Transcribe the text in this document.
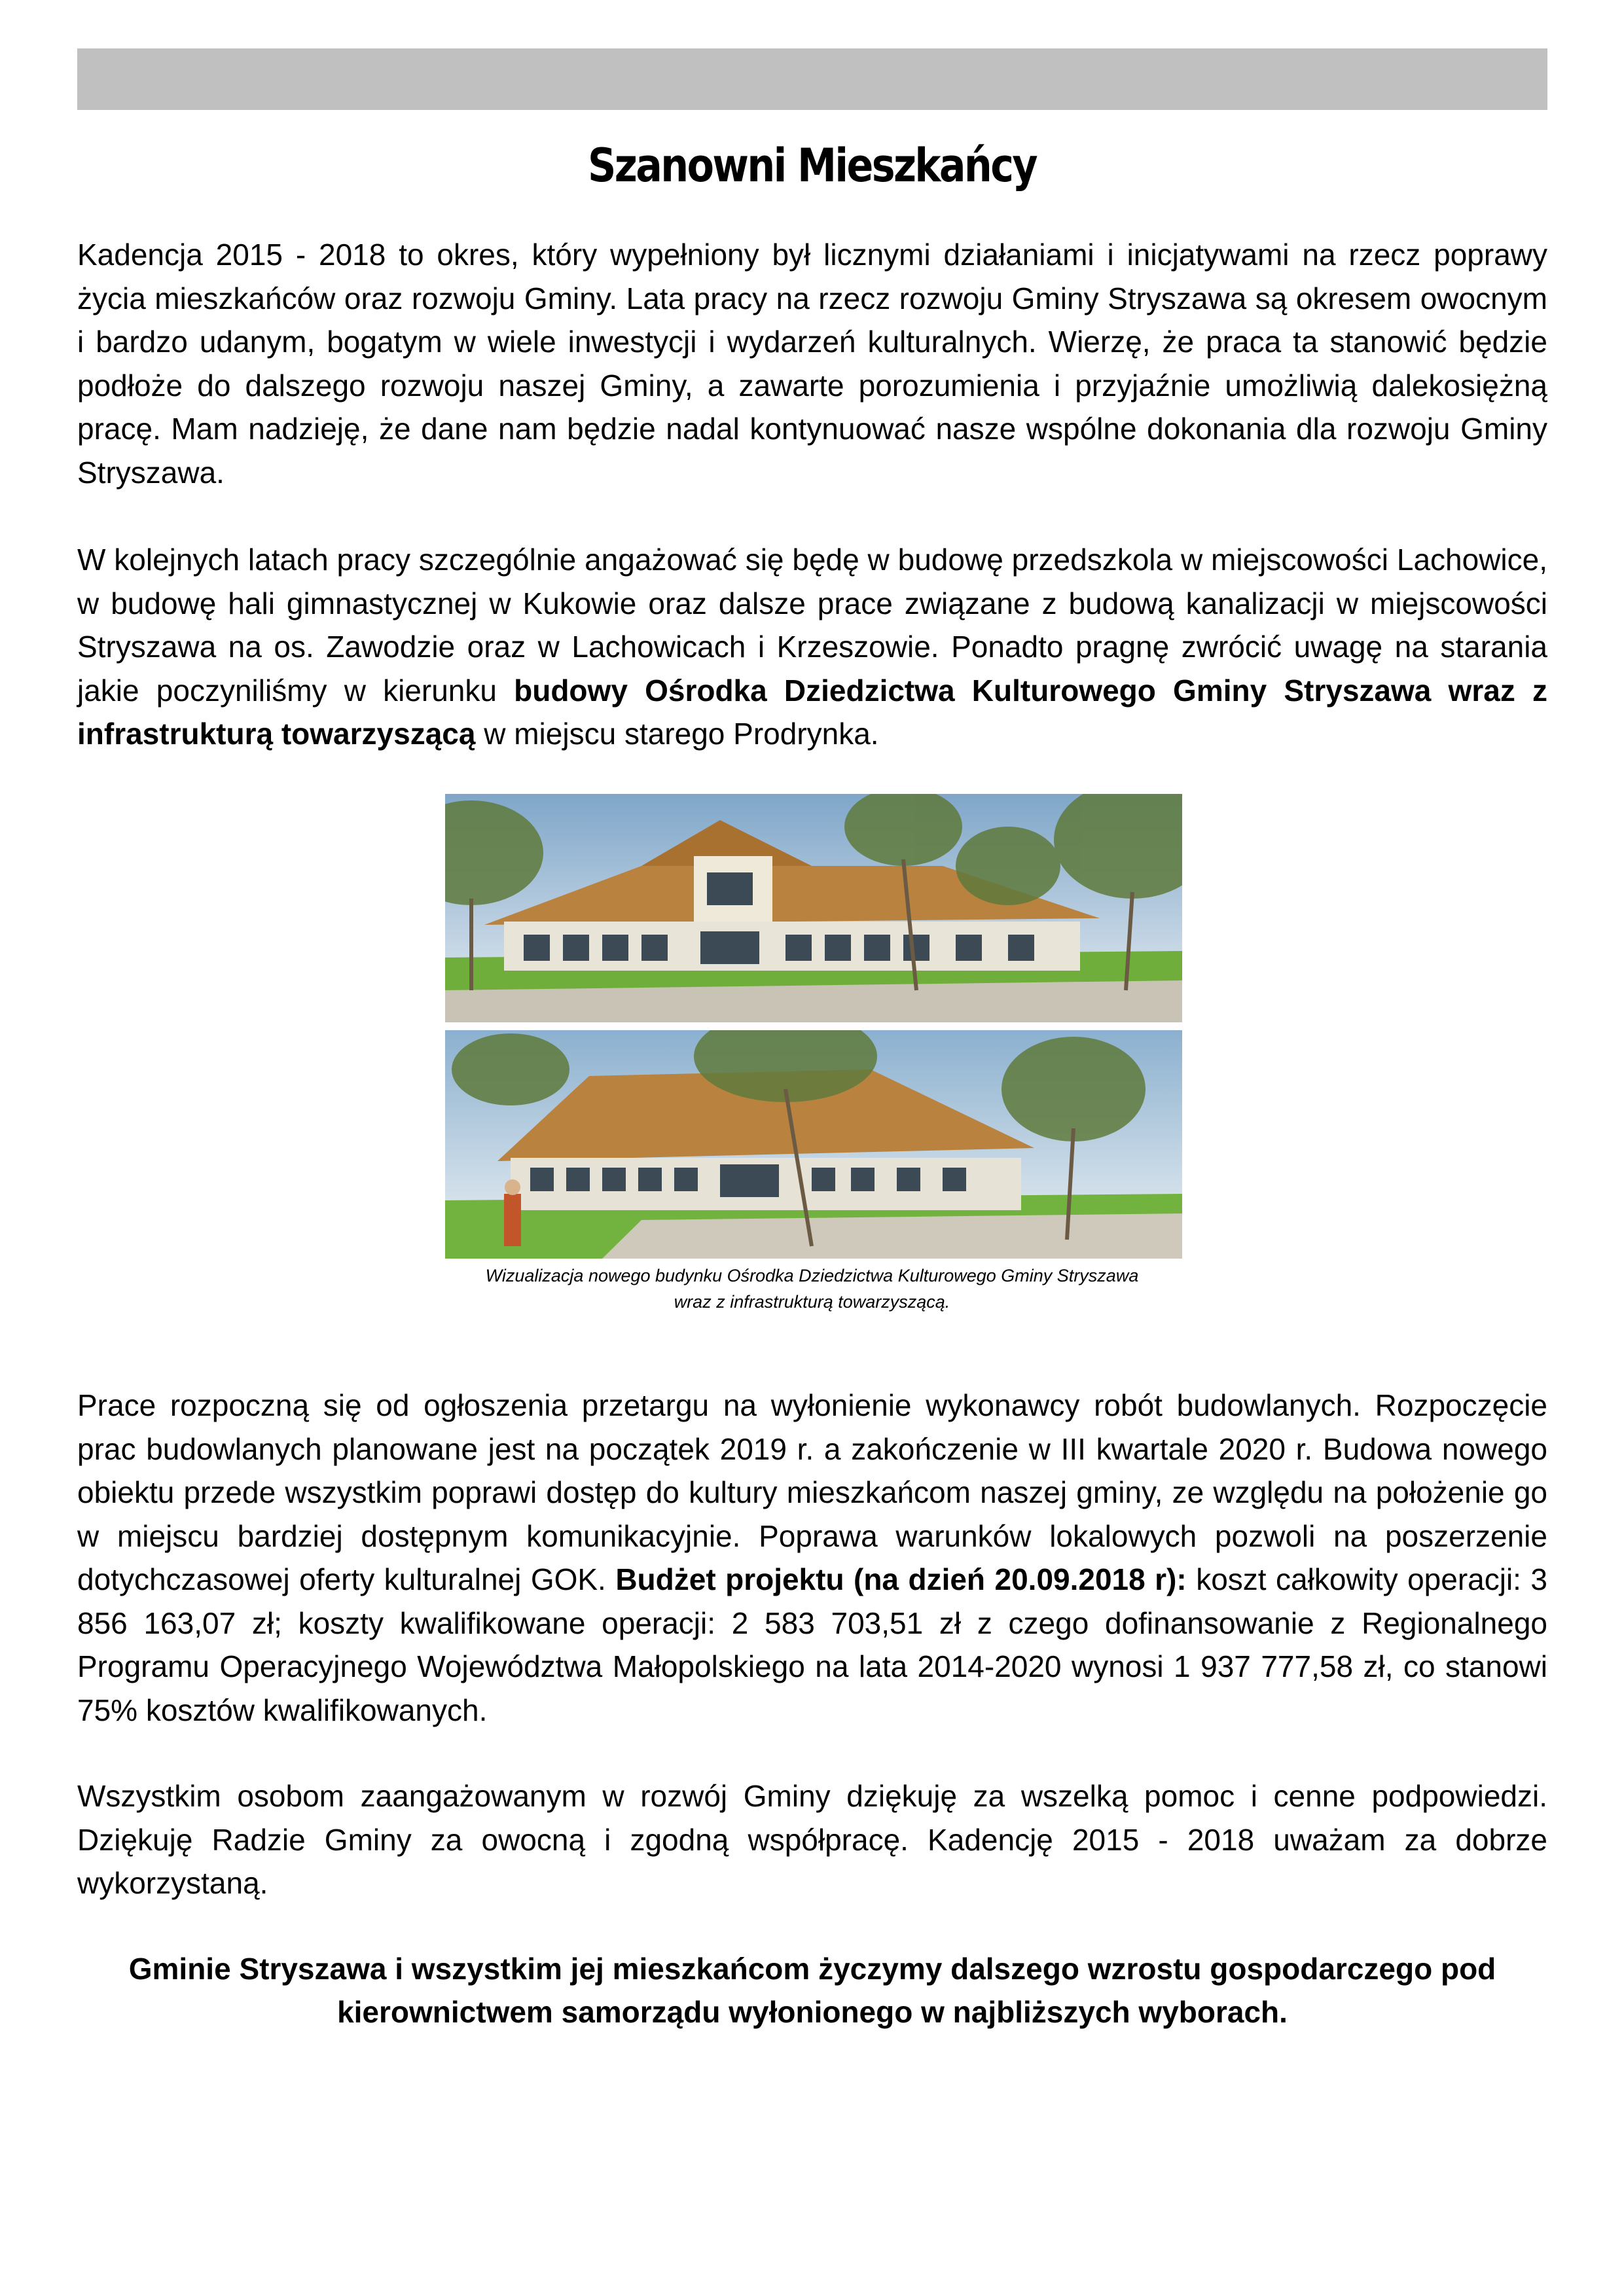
Szanowni Mieszkańcy

Kadencja 2015 - 2018 to okres, który wypełniony był licznymi działaniami i inicjatywami na rzecz poprawy życia mieszkańców oraz rozwoju Gminy. Lata pracy na rzecz rozwoju Gminy Stryszawa są okresem owocnym i bardzo udanym, bogatym w wiele inwestycji i wydarzeń kulturalnych. Wierzę, że praca ta stanowić będzie podłoże do dalszego rozwoju naszej Gminy, a zawarte porozumienia i przyjaźnie umożliwią dalekosiężną pracę. Mam nadzieję, że dane nam będzie nadal kontynuować nasze wspólne dokonania dla rozwoju Gminy Stryszawa.

W kolejnych latach pracy szczególnie angażować się będę w budowę przedszkola w miejscowości Lachowice, w budowę hali gimnastycznej w Kukowie oraz dalsze prace związane z budową kanalizacji w miejscowości Stryszawa na os. Zawodzie oraz w Lachowicach i Krzeszowie. Ponadto pragnę zwrócić uwagę na starania jakie poczyniliśmy w kierunku budowy Ośrodka Dziedzictwa Kulturowego Gminy Stryszawa wraz z infrastrukturą towarzyszącą w miejscu starego Prodrynka.

Wizualizacja nowego budynku Ośrodka Dziedzictwa Kulturowego Gminy Stryszawa
wraz z infrastrukturą towarzyszącą.

Prace rozpoczną się od ogłoszenia przetargu na wyłonienie wykonawcy robót budowlanych. Rozpoczęcie prac budowlanych planowane jest na początek 2019 r. a zakończenie w III kwartale 2020 r. Budowa nowego obiektu przede wszystkim poprawi dostęp do kultury mieszkańcom naszej gminy, ze względu na położenie go w miejscu bardziej dostępnym komunikacyjnie. Poprawa warunków lokalowych pozwoli na poszerzenie dotychczasowej oferty kulturalnej GOK. Budżet projektu (na dzień 20.09.2018 r): koszt całkowity operacji: 3 856 163,07 zł; koszty kwalifikowane operacji: 2 583 703,51 zł z czego dofinansowanie z Regionalnego Programu Operacyjnego Województwa Małopolskiego na lata 2014-2020 wynosi 1 937 777,58 zł, co stanowi 75% kosztów kwalifikowanych.

Wszystkim osobom zaangażowanym w rozwój Gminy dziękuję za wszelką pomoc i cenne podpowiedzi. Dziękuję Radzie Gminy za owocną i zgodną współpracę. Kadencję 2015 - 2018 uważam za dobrze wykorzystaną.

Gminie Stryszawa i wszystkim jej mieszkańcom życzymy dalszego wzrostu gospodarczego pod
kierownictwem samorządu wyłonionego w najbliższych wyborach.
